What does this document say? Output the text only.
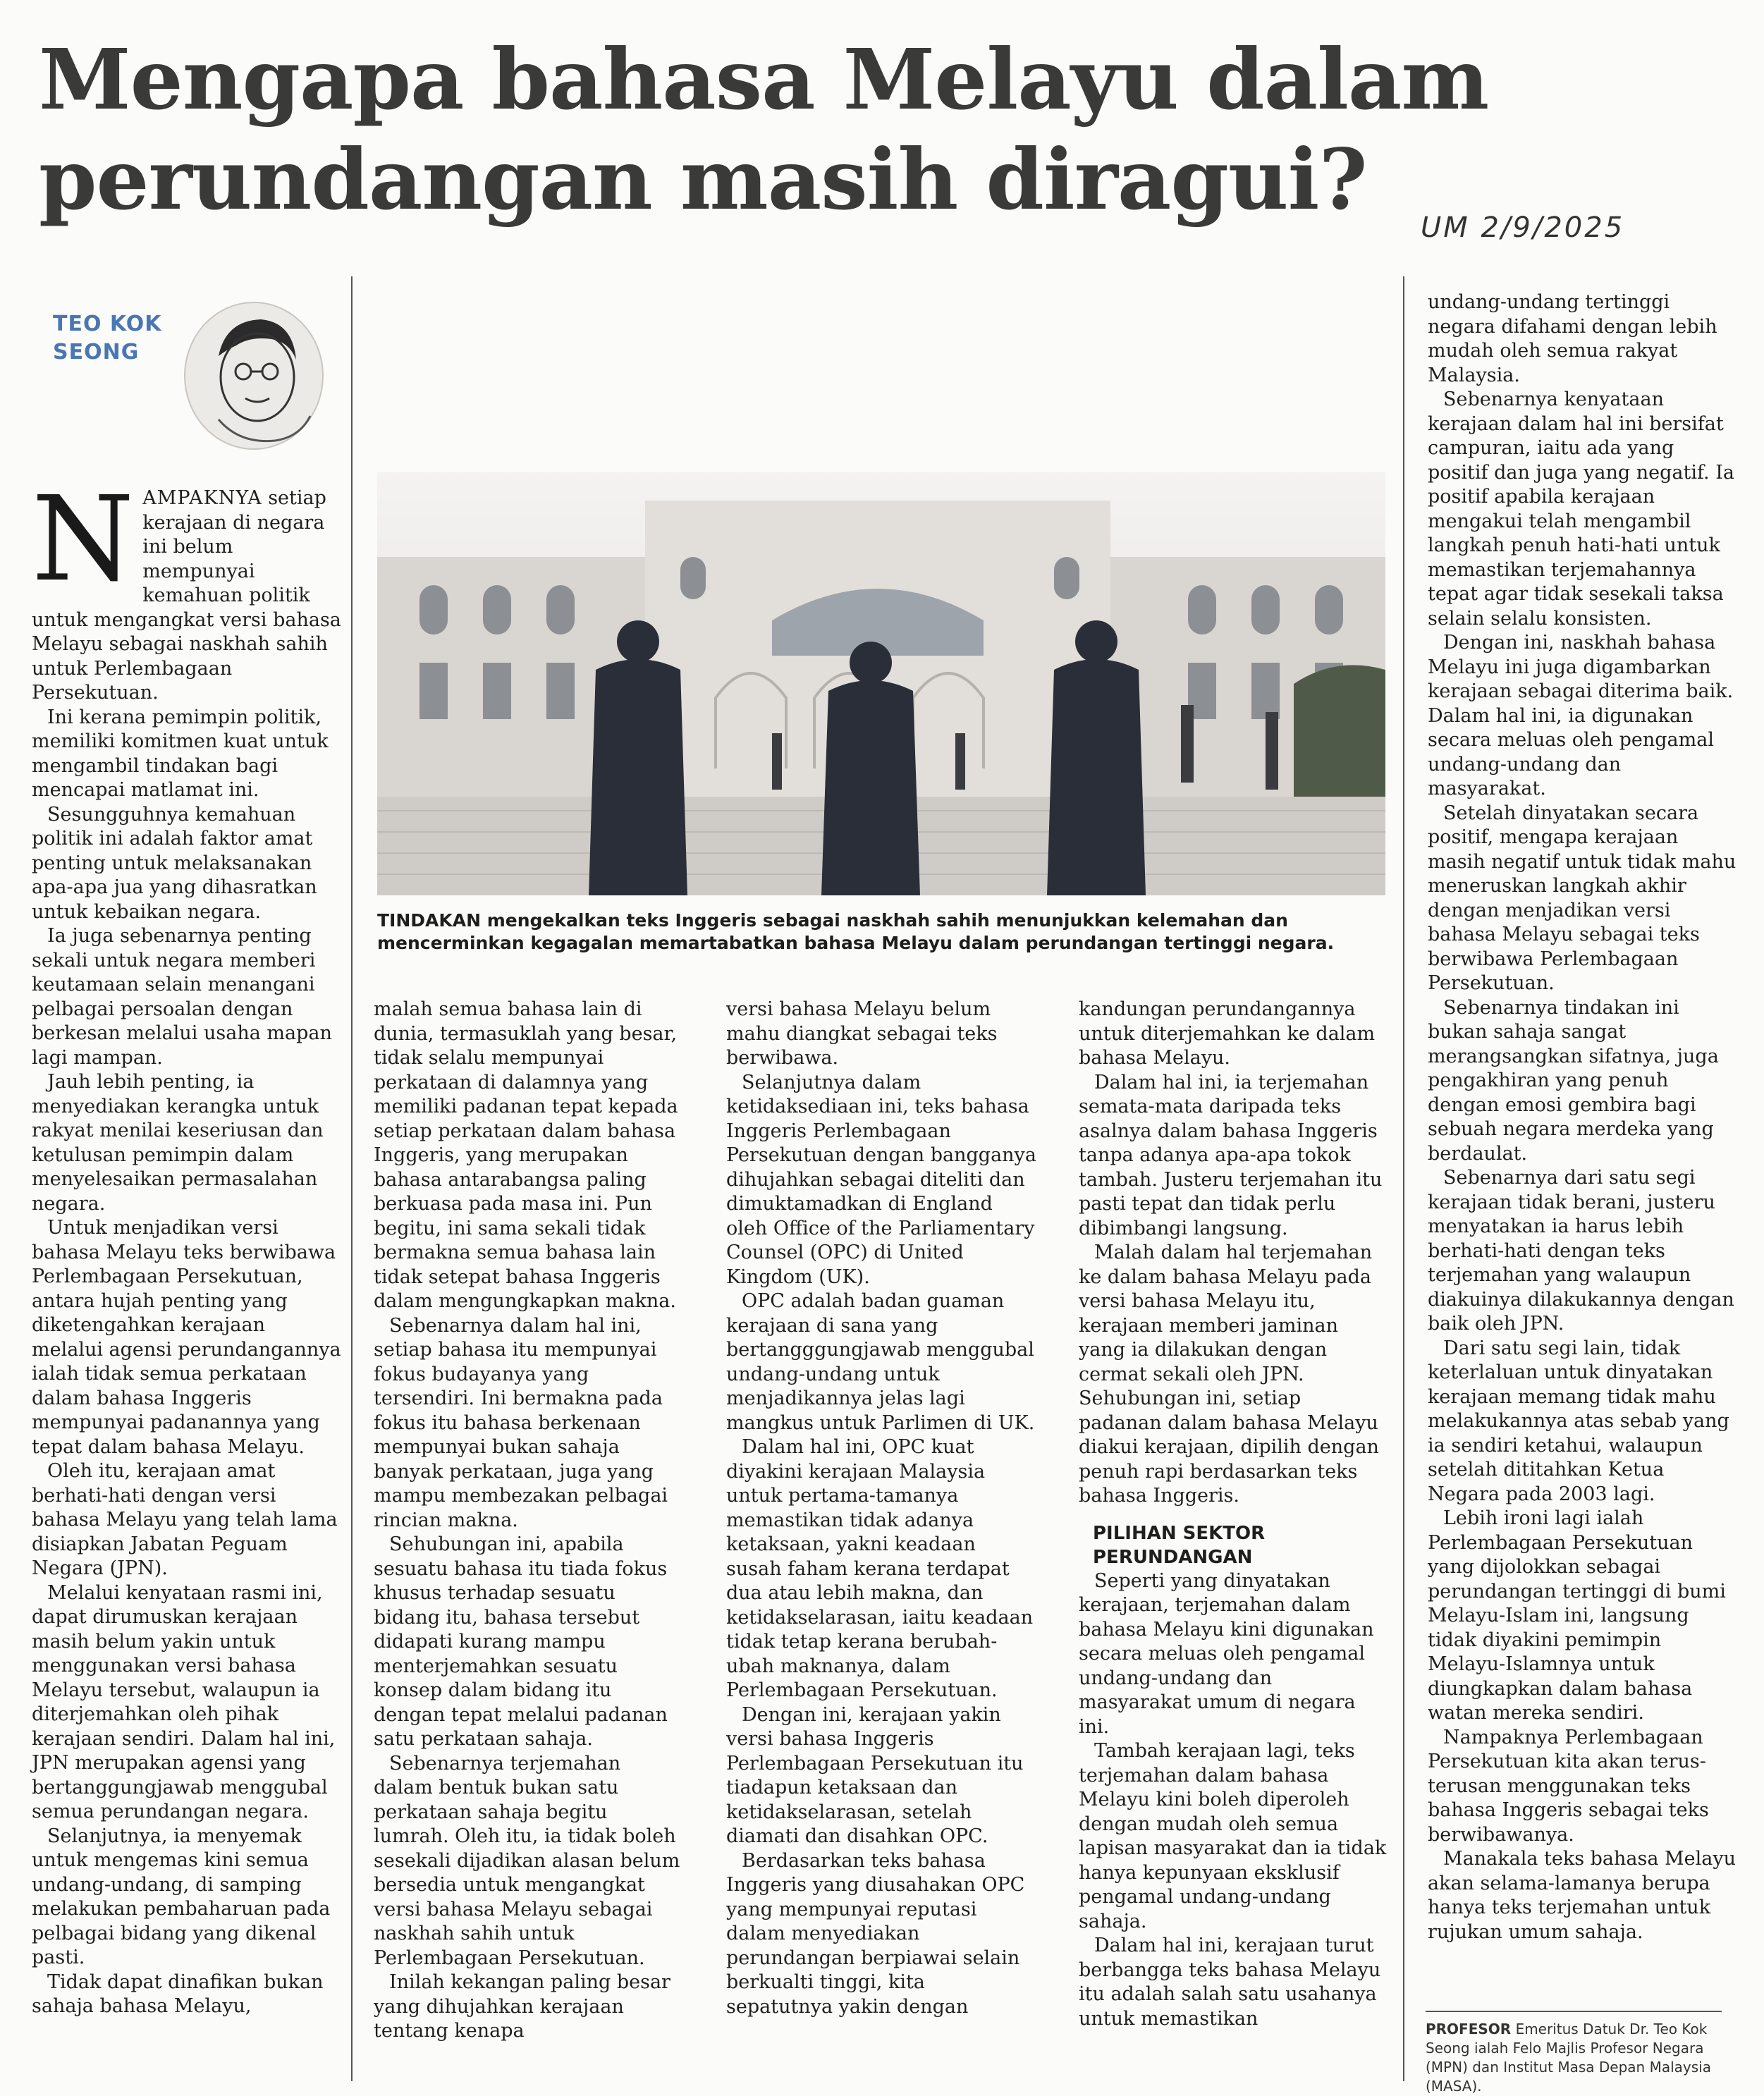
Mengapa bahasa Melayu dalam perundangan masih diragui?	UM 2/9/2025
TEO KOK SEONG

NAMPAKNYA setiap kerajaan di negara ini belum mempunyai kemahuan politik untuk mengangkat versi bahasa Melayu sebagai naskhah sahih untuk Perlembagaan Persekutuan.

Ini kerana pemimpin politik, memiliki komitmen kuat untuk mengambil tindakan bagi mencapai matlamat ini.

Sesungguhnya kemahuan politik ini adalah faktor amat penting untuk melaksanakan apa-apa jua yang dihasratkan untuk kebaikan negara.

Ia juga sebenarnya penting sekali untuk negara memberi keutamaan selain menangani pelbagai persoalan dengan berkesan melalui usaha mapan lagi mampan.

Jauh lebih penting, ia menyediakan kerangka untuk rakyat menilai keseriusan dan ketulusan pemimpin dalam menyelesaikan permasalahan negara.

Untuk menjadikan versi bahasa Melayu teks berwibawa Perlembagaan Persekutuan, antara hujah penting yang diketengahkan kerajaan melalui agensi perundangannya ialah tidak semua perkataan dalam bahasa Inggeris mempunyai padanannya yang tepat dalam bahasa Melayu.

Oleh itu, kerajaan amat berhati-hati dengan versi bahasa Melayu yang telah lama disiapkan Jabatan Peguam Negara (JPN).

Melalui kenyataan rasmi ini, dapat dirumuskan kerajaan masih belum yakin untuk menggunakan versi bahasa Melayu tersebut, walaupun ia diterjemahkan oleh pihak kerajaan sendiri. Dalam hal ini, JPN merupakan agensi yang bertanggungjawab menggubal semua perundangan negara.

Selanjutnya, ia menyemak untuk mengemas kini semua undang-undang, di samping melakukan pembaharuan pada pelbagai bidang yang dikenal pasti.

Tidak dapat dinafikan bukan sahaja bahasa Melayu,

TINDAKAN mengekalkan teks Inggeris sebagai naskhah sahih menunjukkan kelemahan dan mencerminkan kegagalan memartabatkan bahasa Melayu dalam perundangan tertinggi negara.

malah semua bahasa lain di dunia, termasuklah yang besar, tidak selalu mempunyai perkataan di dalamnya yang memiliki padanan tepat kepada setiap perkataan dalam bahasa Inggeris, yang merupakan bahasa antarabangsa paling berkuasa pada masa ini. Pun begitu, ini sama sekali tidak bermakna semua bahasa lain tidak setepat bahasa Inggeris dalam mengungkapkan makna.

Sebenarnya dalam hal ini, setiap bahasa itu mempunyai fokus budayanya yang tersendiri. Ini bermakna pada fokus itu bahasa berkenaan mempunyai bukan sahaja banyak perkataan, juga yang mampu membezakan pelbagai rincian makna.

Sehubungan ini, apabila sesuatu bahasa itu tiada fokus khusus terhadap sesuatu bidang itu, bahasa tersebut didapati kurang mampu menterjemahkan sesuatu konsep dalam bidang itu dengan tepat melalui padanan satu perkataan sahaja.

Sebenarnya terjemahan dalam bentuk bukan satu perkataan sahaja begitu lumrah. Oleh itu, ia tidak boleh sesekali dijadikan alasan belum bersedia untuk mengangkat versi bahasa Melayu sebagai naskhah sahih untuk Perlembagaan Persekutuan.

Inilah kekangan paling besar yang dihujahkan kerajaan tentang kenapa

versi bahasa Melayu belum mahu diangkat sebagai teks berwibawa.

Selanjutnya dalam ketidaksediaan ini, teks bahasa Inggeris Perlembagaan Persekutuan dengan bangganya dihujahkan sebagai diteliti dan dimuktamadkan di England oleh Office of the Parliamentary Counsel (OPC) di United Kingdom (UK).

OPC adalah badan guaman kerajaan di sana yang bertangggungjawab menggubal undang-undang untuk menjadikannya jelas lagi mangkus untuk Parlimen di UK.

Dalam hal ini, OPC kuat diyakini kerajaan Malaysia untuk pertama-tamanya memastikan tidak adanya ketaksaan, yakni keadaan susah faham kerana terdapat dua atau lebih makna, dan ketidakselarasan, iaitu keadaan tidak tetap kerana berubah-ubah maknanya, dalam Perlembagaan Persekutuan.

Dengan ini, kerajaan yakin versi bahasa Inggeris Perlembagaan Persekutuan itu tiadapun ketaksaan dan ketidakselarasan, setelah diamati dan disahkan OPC.

Berdasarkan teks bahasa Inggeris yang diusahakan OPC yang mempunyai reputasi dalam menyediakan perundangan berpiawai selain berkualti tinggi, kita sepatutnya yakin dengan

kandungan perundangannya untuk diterjemahkan ke dalam bahasa Melayu.

Dalam hal ini, ia terjemahan semata-mata daripada teks asalnya dalam bahasa Inggeris tanpa adanya apa-apa tokok tambah. Justeru terjemahan itu pasti tepat dan tidak perlu dibimbangi langsung.

Malah dalam hal terjemahan ke dalam bahasa Melayu pada versi bahasa Melayu itu, kerajaan memberi jaminan yang ia dilakukan dengan cermat sekali oleh JPN. Sehubungan ini, setiap padanan dalam bahasa Melayu diakui kerajaan, dipilih dengan penuh rapi berdasarkan teks bahasa Inggeris.

PILIHAN SEKTOR PERUNDANGAN

Seperti yang dinyatakan kerajaan, terjemahan dalam bahasa Melayu kini digunakan secara meluas oleh pengamal undang-undang dan masyarakat umum di negara ini.

Tambah kerajaan lagi, teks terjemahan dalam bahasa Melayu kini boleh diperoleh dengan mudah oleh semua lapisan masyarakat dan ia tidak hanya kepunyaan eksklusif pengamal undang-undang sahaja.

Dalam hal ini, kerajaan turut berbangga teks bahasa Melayu itu adalah salah satu usahanya untuk memastikan

undang-undang tertinggi negara difahami dengan lebih mudah oleh semua rakyat Malaysia.

Sebenarnya kenyataan kerajaan dalam hal ini bersifat campuran, iaitu ada yang positif dan juga yang negatif. Ia positif apabila kerajaan mengakui telah mengambil langkah penuh hati-hati untuk memastikan terjemahannya tepat agar tidak sesekali taksa selain selalu konsisten.

Dengan ini, naskhah bahasa Melayu ini juga digambarkan kerajaan sebagai diterima baik. Dalam hal ini, ia digunakan secara meluas oleh pengamal undang-undang dan masyarakat.

Setelah dinyatakan secara positif, mengapa kerajaan masih negatif untuk tidak mahu meneruskan langkah akhir dengan menjadikan versi bahasa Melayu sebagai teks berwibawa Perlembagaan Persekutuan.

Sebenarnya tindakan ini bukan sahaja sangat merangsangkan sifatnya, juga pengakhiran yang penuh dengan emosi gembira bagi sebuah negara merdeka yang berdaulat.

Sebenarnya dari satu segi kerajaan tidak berani, justeru menyatakan ia harus lebih berhati-hati dengan teks terjemahan yang walaupun diakuinya dilakukannya dengan baik oleh JPN.

Dari satu segi lain, tidak keterlaluan untuk dinyatakan kerajaan memang tidak mahu melakukannya atas sebab yang ia sendiri ketahui, walaupun setelah dititahkan Ketua Negara pada 2003 lagi.

Lebih ironi lagi ialah Perlembagaan Persekutuan yang dijolokkan sebagai perundangan tertinggi di bumi Melayu-Islam ini, langsung tidak diyakini pemimpin Melayu-Islamnya untuk diungkapkan dalam bahasa watan mereka sendiri.

Nampaknya Perlembagaan Persekutuan kita akan terus-terusan menggunakan teks bahasa Inggeris sebagai teks berwibawanya.

Manakala teks bahasa Melayu akan selama-lamanya berupa hanya teks terjemahan untuk rujukan umum sahaja.

PROFESOR Emeritus Datuk Dr. Teo Kok Seong ialah Felo Majlis Profesor Negara (MPN) dan Institut Masa Depan Malaysia (MASA).
